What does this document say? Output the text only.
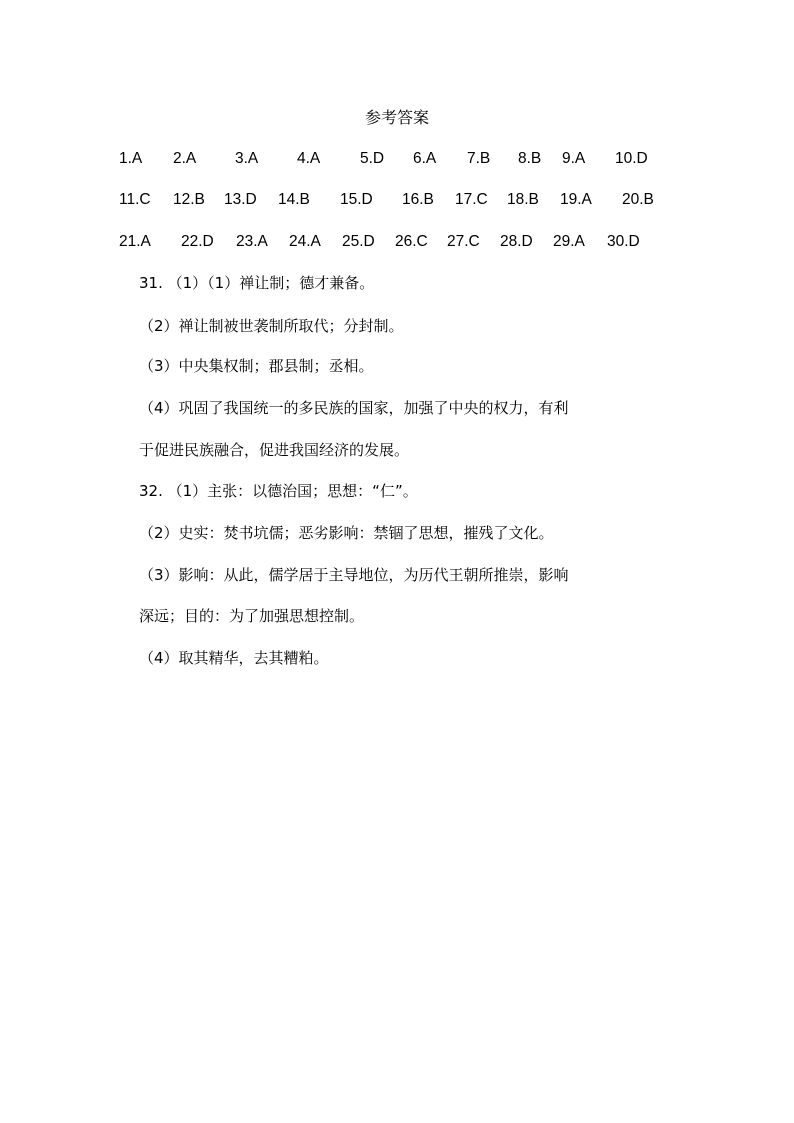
参考答案
1.A 2.A 3.A 4.A	5.D 6.A 7.B 8.B 9.A 10.D
11.C 12.B 13.D 14.B 15.D 16.B 17.C 18.B 19.A 20.B
21.A 22.D 23.A 24.A 25.D 26.C 27.C 28.D 29.A 30.D
31. （1）（1）禅让制；德才兼备。
（2）禅让制被世袭制所取代；分封制。
（3）中央集权制；郡县制；丞相。
（4）巩固了我国统一的多民族的国家，加强了中央的权力，有利
于促进民族融合，促进我国经济的发展。
32. （1）主张：以德治国；思想：“仁”。
（2）史实：焚书坑儒；恶劣影响：禁锢了思想，摧残了文化。
（3）影响：从此，儒学居于主导地位，为历代王朝所推崇，影响
深远；目的：为了加强思想控制。
（4）取其精华，去其糟粕。
